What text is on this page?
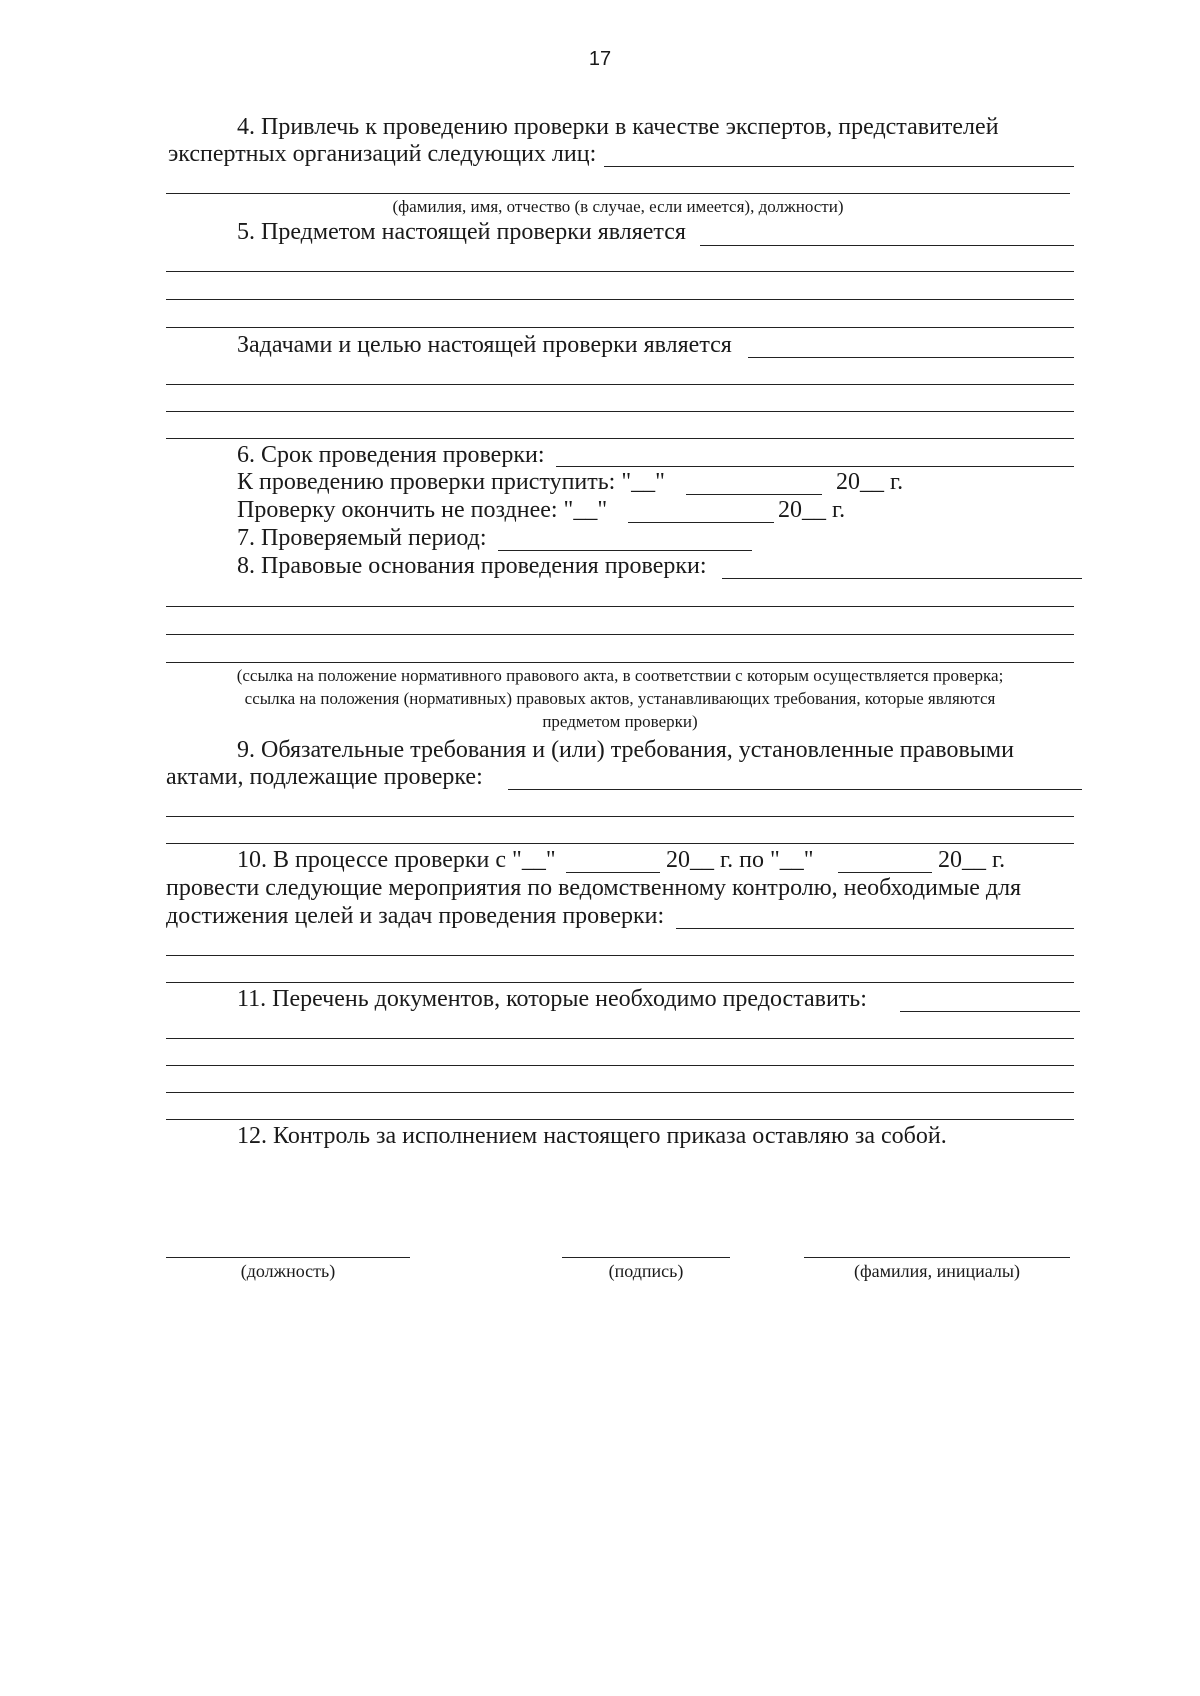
17
4. Привлечь к проведению проверки в качестве экспертов, представителей
экспертных организаций следующих лиц:
(фамилия, имя, отчество (в случае, если имеется), должности)
5. Предметом настоящей проверки является
Задачами и целью настоящей проверки является
6. Срок проведения проверки:
К проведению проверки приступить: "__"	20__ г.
Проверку окончить не позднее: "__"	20__ г.
7. Проверяемый период:
8. Правовые основания проведения проверки:
(ссылка на положение нормативного правового акта, в соответствии с которым осуществляется проверка;
ссылка на положения (нормативных) правовых актов, устанавливающих требования, которые являются
предметом проверки)
9. Обязательные требования и (или) требования, установленные правовыми
актами, подлежащие проверке:
10. В процессе проверки с "__"	20__ г. по "__"	20__ г.
провести следующие мероприятия по ведомственному контролю, необходимые для
достижения целей и задач проведения проверки:
11. Перечень документов, которые необходимо предоставить:
12. Контроль за исполнением настоящего приказа оставляю за собой.
(должность)	(подпись)	(фамилия, инициалы)
